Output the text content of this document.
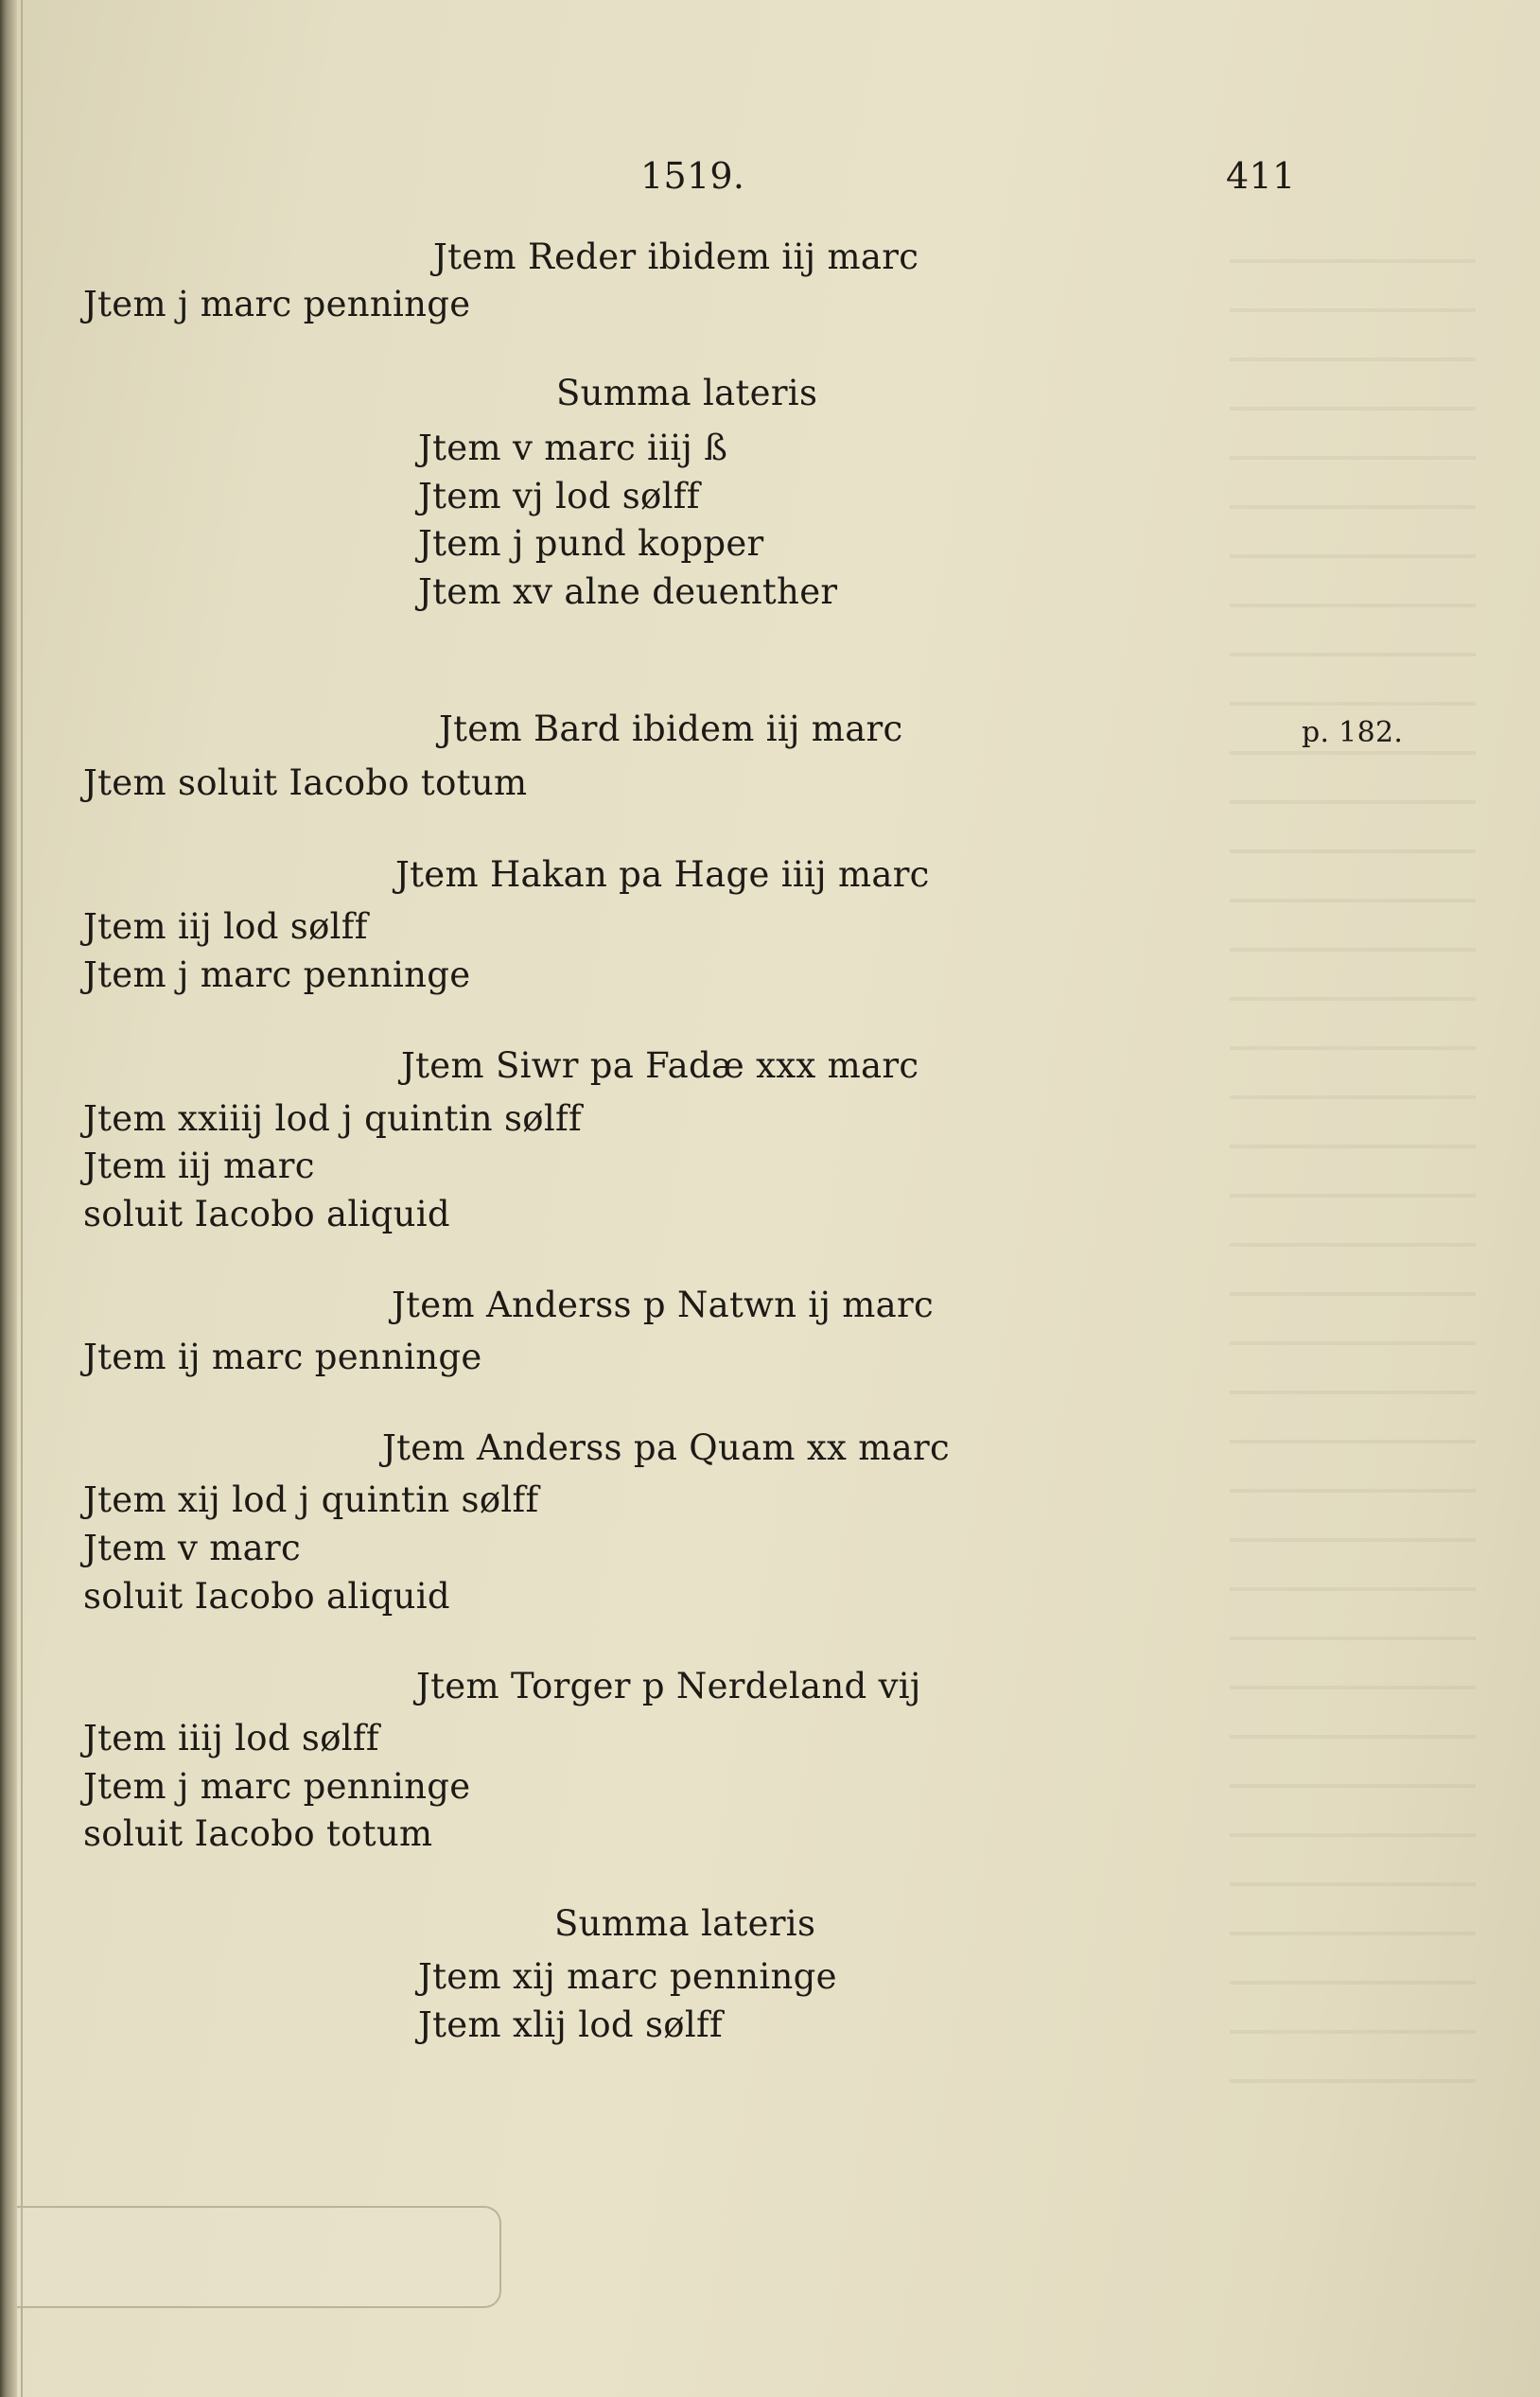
1519.	411
Jtem Reder ibidem iij marc
Jtem j marc penninge
Summa lateris
Jtem v marc iiij ß
Jtem vj lod sølff
Jtem j pund kopper
Jtem xv alne deuenther
Jtem Bard ibidem iij marc	p. 182.
Jtem soluit Iacobo totum
Jtem Hakan pa Hage iiij marc
Jtem iij lod sølff
Jtem j marc penninge
Jtem Siwr pa Fadæ xxx marc
Jtem xxiiij lod j quintin sølff
Jtem iij marc
soluit Iacobo aliquid
Jtem Anderss p Natwn ij marc
Jtem ij marc penninge
Jtem Anderss pa Quam xx marc
Jtem xij lod j quintin sølff
Jtem v marc
soluit Iacobo aliquid
Jtem Torger p Nerdeland vij
Jtem iiij lod sølff
Jtem j marc penninge
soluit Iacobo totum
Summa lateris
Jtem xij marc penninge
Jtem xlij lod sølff
